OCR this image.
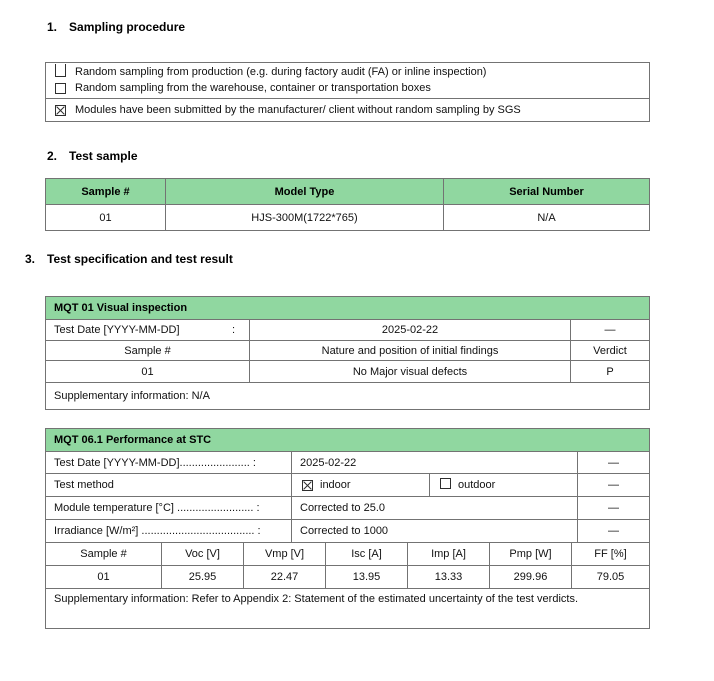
1. Sampling procedure
Random sampling from production (e.g. during factory audit (FA) or inline inspection)
Random sampling from the warehouse, container or transportation boxes
Modules have been submitted by the manufacturer/ client without random sampling by SGS
2. Test sample
Sample #	Model Type	Serial Number
01	HJS-300M(1722*765)	N/A
3. Test specification and test result
MQT 01 Visual inspection
Test Date [YYYY-MM-DD]	:	2025-02-22	—
Sample #	Nature and position of initial findings	Verdict
01	No Major visual defects	P
Supplementary information: N/A
MQT 06.1 Performance at STC
Test Date [YYYY-MM-DD]....................... :	2025-02-22	—
Test method	indoor	outdoor	—
Module temperature [°C] ......................... :	Corrected to 25.0	—
Irradiance [W/m²] ..................................... :	Corrected to 1000	—
Sample #	Voc [V]	Vmp [V]	Isc [A]	Imp [A]	Pmp [W]	FF [%]
01	25.95	22.47	13.95	13.33	299.96	79.05
Supplementary information: Refer to Appendix 2: Statement of the estimated uncertainty of the test verdicts.
